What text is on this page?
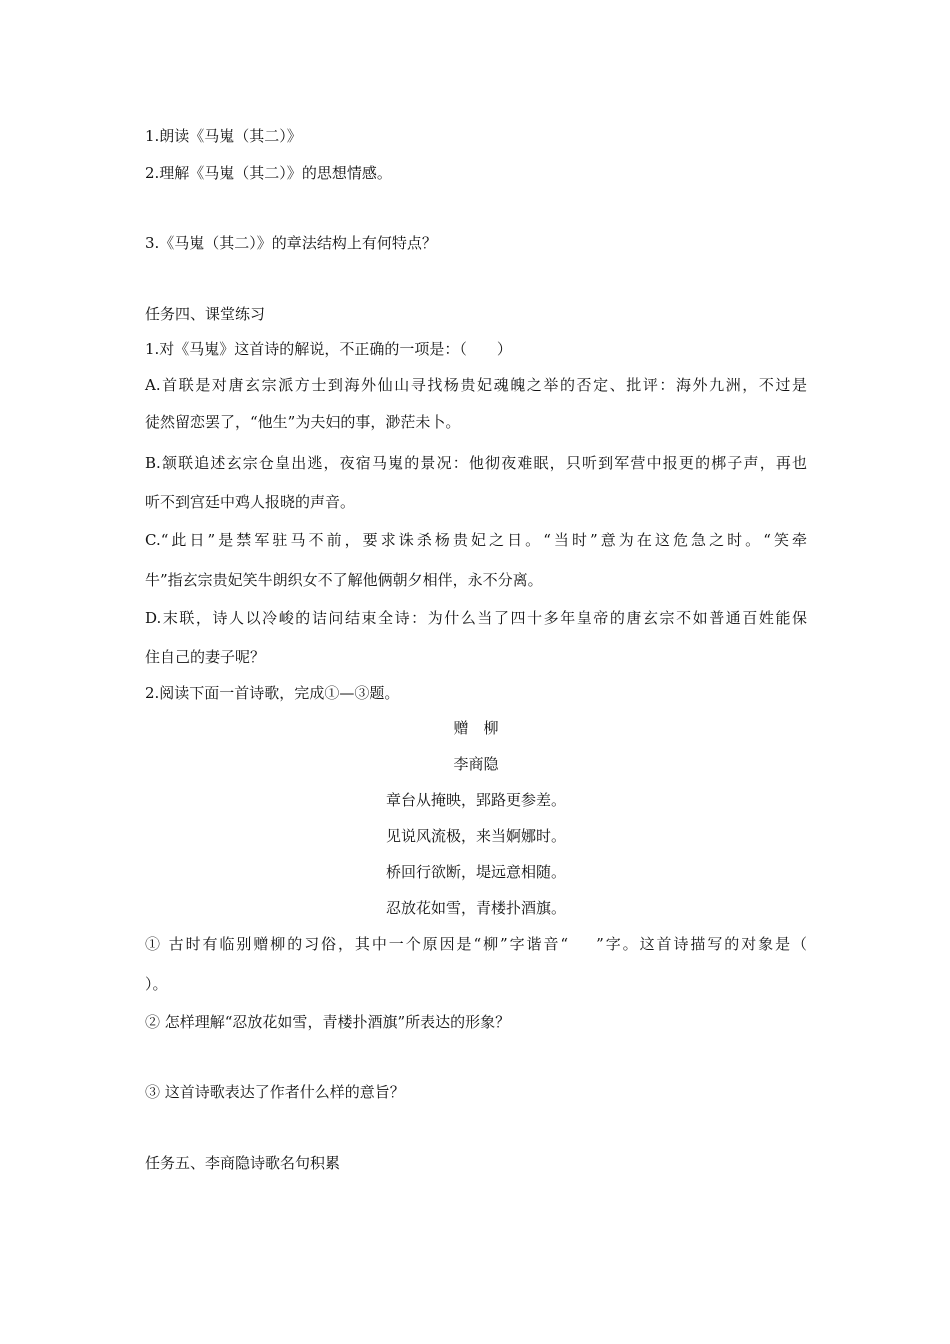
1.朗读《马嵬（其二）》
2.理解《马嵬（其二）》的思想情感。
3.《马嵬（其二）》的章法结构上有何特点？
任务四、课堂练习
1.对《马嵬》这首诗的解说，不正确的一项是：（　　）
A.首联是对唐玄宗派方士到海外仙山寻找杨贵妃魂魄之举的否定、批评：海外九洲，不过是
徒然留恋罢了，“他生”为夫妇的事，渺茫未卜。
B.颔联追述玄宗仓皇出逃，夜宿马嵬的景况：他彻夜难眠，只听到军营中报更的梆子声，再也
听不到宫廷中鸡人报晓的声音。
C.“此日”是禁军驻马不前，要求诛杀杨贵妃之日。“当时”意为在这危急之时。“笑牵
牛”指玄宗贵妃笑牛朗织女不了解他俩朝夕相伴，永不分离。
D.末联，诗人以冷峻的诘问结束全诗：为什么当了四十多年皇帝的唐玄宗不如普通百姓能保
住自己的妻子呢？
2.阅读下面一首诗歌，完成①—③题。
赠　柳
李商隐
章台从掩映，郢路更参差。
见说风流极，来当婀娜时。
桥回行欲断，堤远意相随。
忍放花如雪，青楼扑酒旗。
① 古时有临别赠柳的习俗，其中一个原因是“柳”字谐音“ ”字。这首诗描写的对象是（
）。
② 怎样理解“忍放花如雪，青楼扑酒旗”所表达的形象？
③ 这首诗歌表达了作者什么样的意旨？
任务五、李商隐诗歌名句积累
